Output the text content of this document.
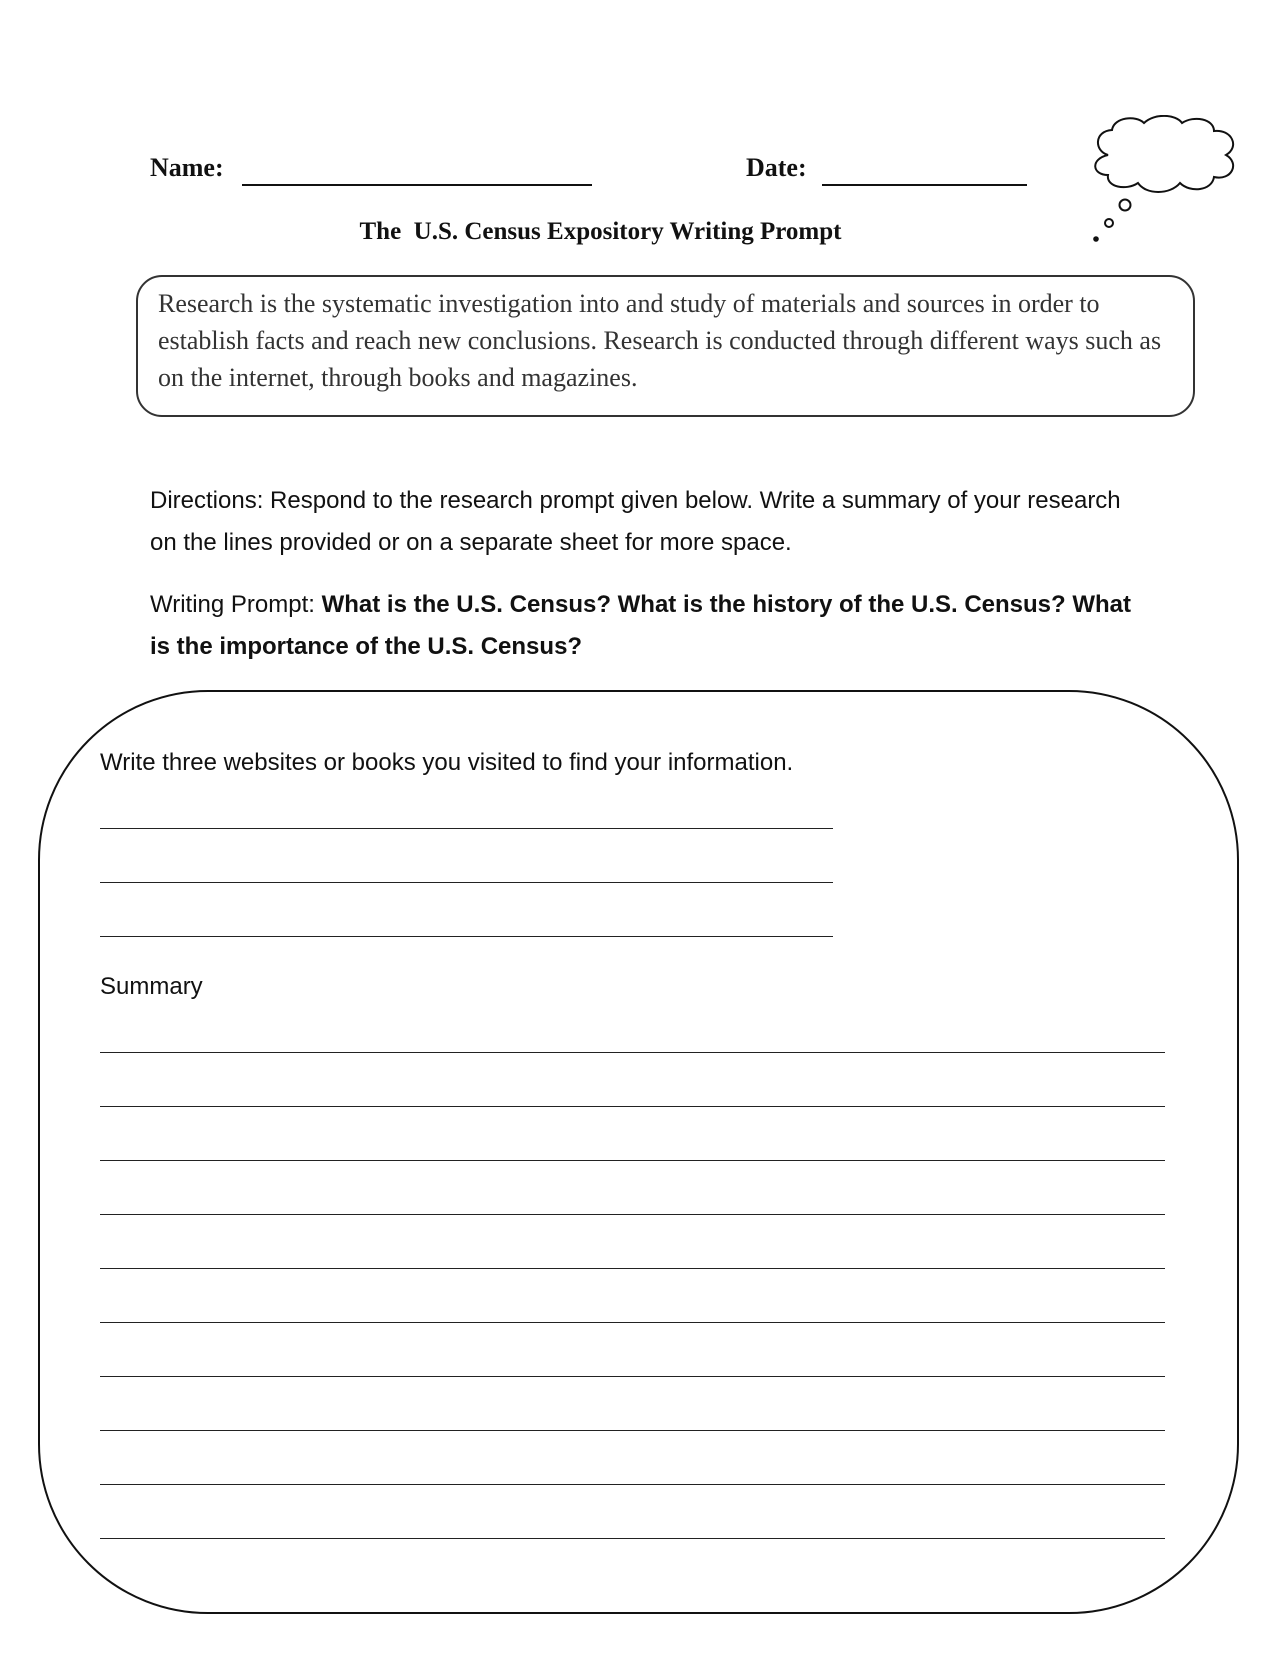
Name:	Date:
The  U.S. Census Expository Writing Prompt
Research is the systematic investigation into and study of materials and sources in order to establish facts and reach new conclusions. Research is conducted through different ways such as on the internet, through books and magazines.
Directions: Respond to the research prompt given below. Write a summary of your research on the lines provided or on a separate sheet for more space.
Writing Prompt: What is the U.S. Census? What is the history of the U.S. Census? What is the importance of the U.S. Census?
Write three websites or books you visited to find your information.
Summary
